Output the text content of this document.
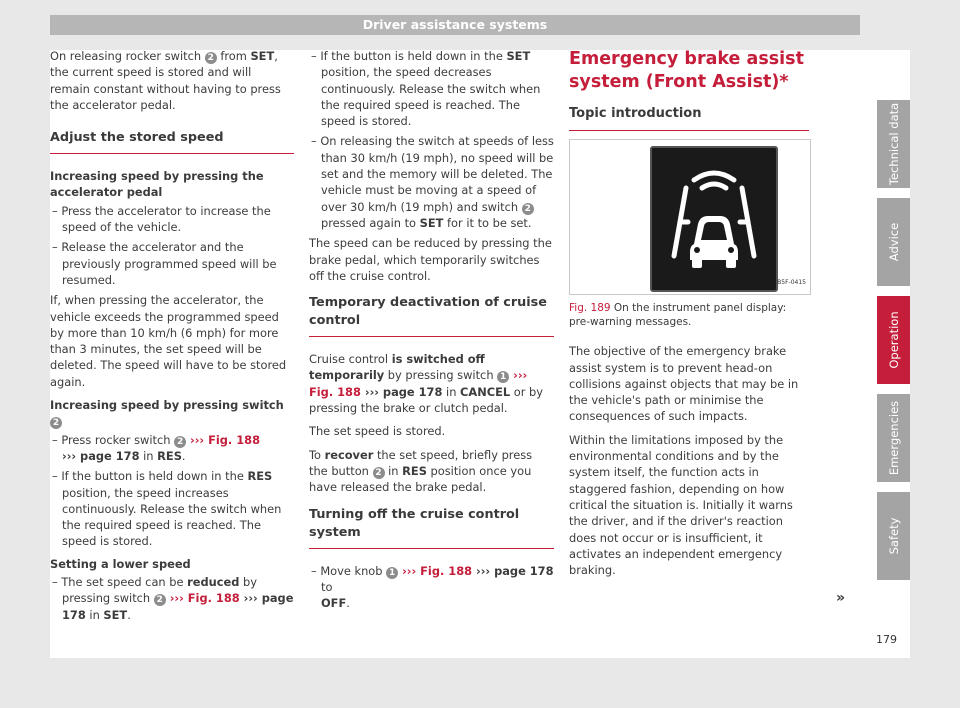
Driver assistance systems

On releasing rocker switch 2 from SET, the current speed is stored and will remain constant without having to press the accelerator pedal.

Adjust the stored speed

Increasing speed by pressing the accelerator pedal

– Press the accelerator to increase the speed of the vehicle.

– Release the accelerator and the previously programmed speed will be resumed.

If, when pressing the accelerator, the vehicle exceeds the programmed speed by more than 10 km/h (6 mph) for more than 3 minutes, the set speed will be deleted. The speed will have to be stored again.

Increasing speed by pressing switch 2

– Press rocker switch 2 ››› Fig. 188
››› page 178 in RES.

– If the button is held down in the RES position, the speed increases continuously. Release the switch when the required speed is reached. The speed is stored.

Setting a lower speed

– The set speed can be reduced by pressing switch 2 ››› Fig. 188 ››› page 178 in SET.

– If the button is held down in the SET position, the speed decreases continuously. Release the switch when the required speed is reached. The speed is stored.

– On releasing the switch at speeds of less than 30 km/h (19 mph), no speed will be set and the memory will be deleted. The vehicle must be moving at a speed of over 30 km/h (19 mph) and switch 2 pressed again to SET for it to be set.

The speed can be reduced by pressing the brake pedal, which temporarily switches off the cruise control.

Temporary deactivation of cruise control

Cruise control is switched off temporarily by pressing switch 1 ››› Fig. 188 ››› page 178 in CANCEL or by pressing the brake or clutch pedal.

The set speed is stored.

To recover the set speed, briefly press the button 2 in RES position once you have released the brake pedal.

Turning off the cruise control system

– Move knob 1 ››› Fig. 188 ››› page 178 to
OFF.

Emergency brake assist system (Front Assist)*
Topic introduction
B5F-0415

Fig. 189 On the instrument panel display: pre-warning messages.

The objective of the emergency brake assist system is to prevent head-on collisions against objects that may be in the vehicle's path or minimise the consequences of such impacts.

Within the limitations imposed by the environmental conditions and by the system itself, the function acts in staggered fashion, depending on how critical the situation is. Initially it warns the driver, and if the driver's reaction does not occur or is insufficient, it activates an independent emergency braking.

»
Technical data
Advice
Operation
Emergencies
Safety
179
